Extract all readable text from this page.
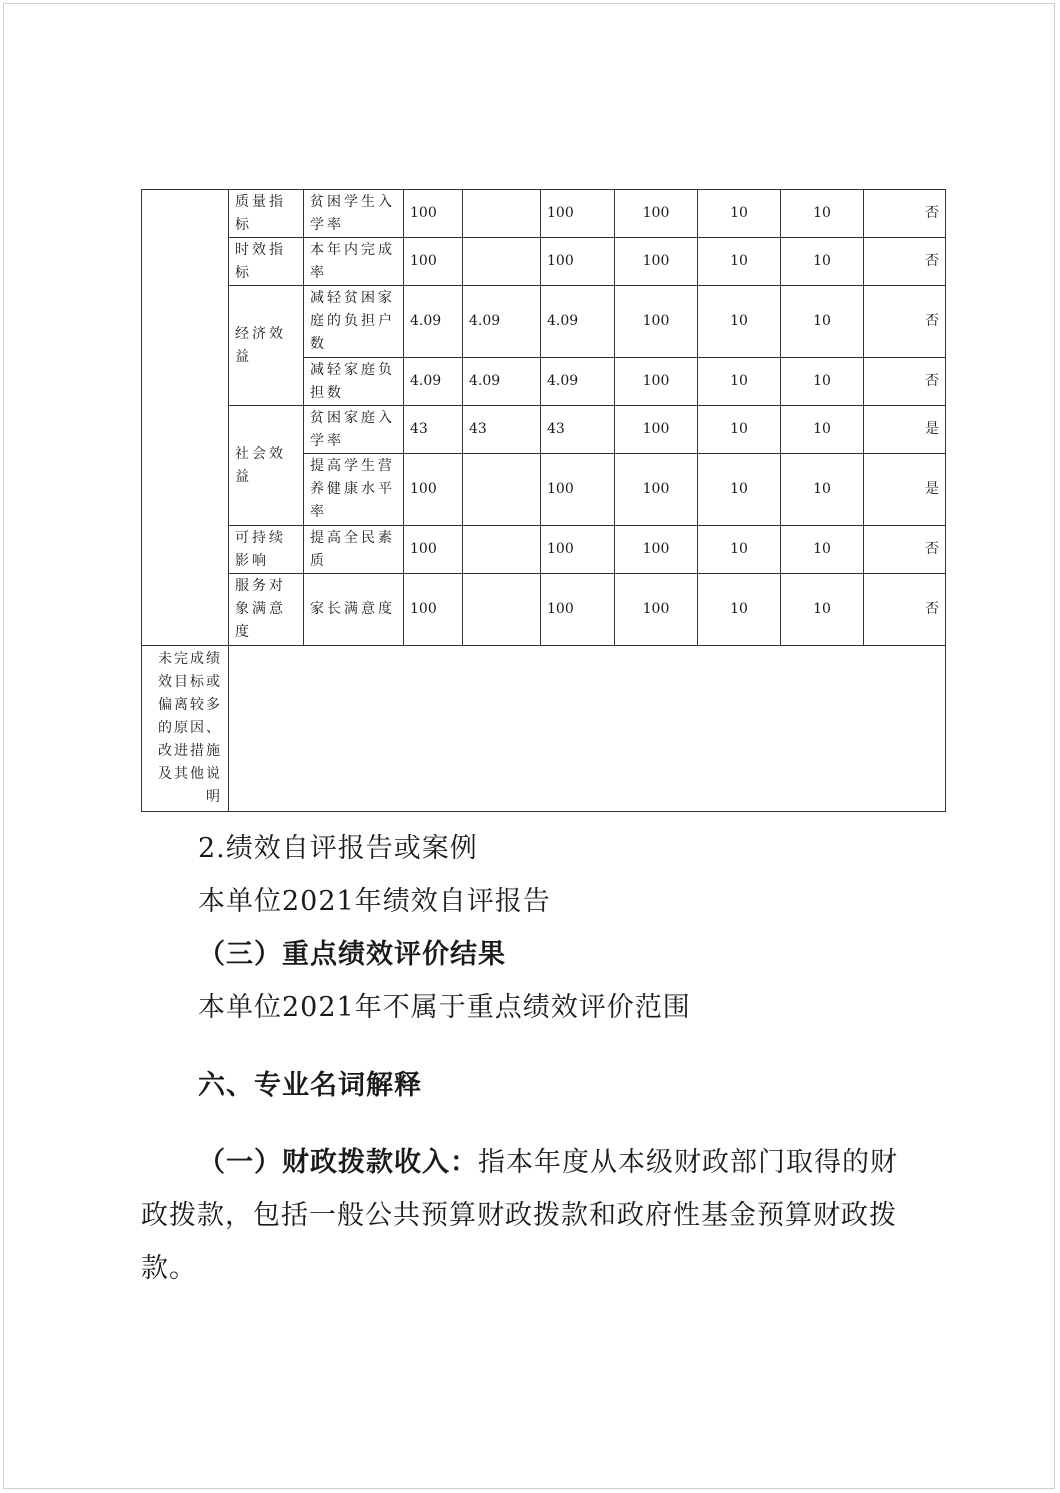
	质量指标	贫困学生入学率	100		100	100	10	10	否
	时效指标	本年内完成率	100		100	100	10	10	否
	经济效益	减轻贫困家庭的负担户数	4.09	4.09	4.09	100	10	10	否
		减轻家庭负担数	4.09	4.09	4.09	100	10	10	否
	社会效益	贫困家庭入学率	43	43	43	100	10	10	是
		提高学生营养健康水平率	100		100	100	10	10	是
	可持续影响	提高全民素质	100		100	100	10	10	否
	服务对象满意度	家长满意度	100		100	100	10	10	否
未完成绩效目标或偏离较多的原因、改进措施及其他说明									

2.绩效自评报告或案例

本单位2021年绩效自评报告

（三）重点绩效评价结果

本单位2021年不属于重点绩效评价范围

六、专业名词解释

（一）财政拨款收入：指本年度从本级财政部门取得的财

政拨款，包括一般公共预算财政拨款和政府性基金预算财政拨

款。
